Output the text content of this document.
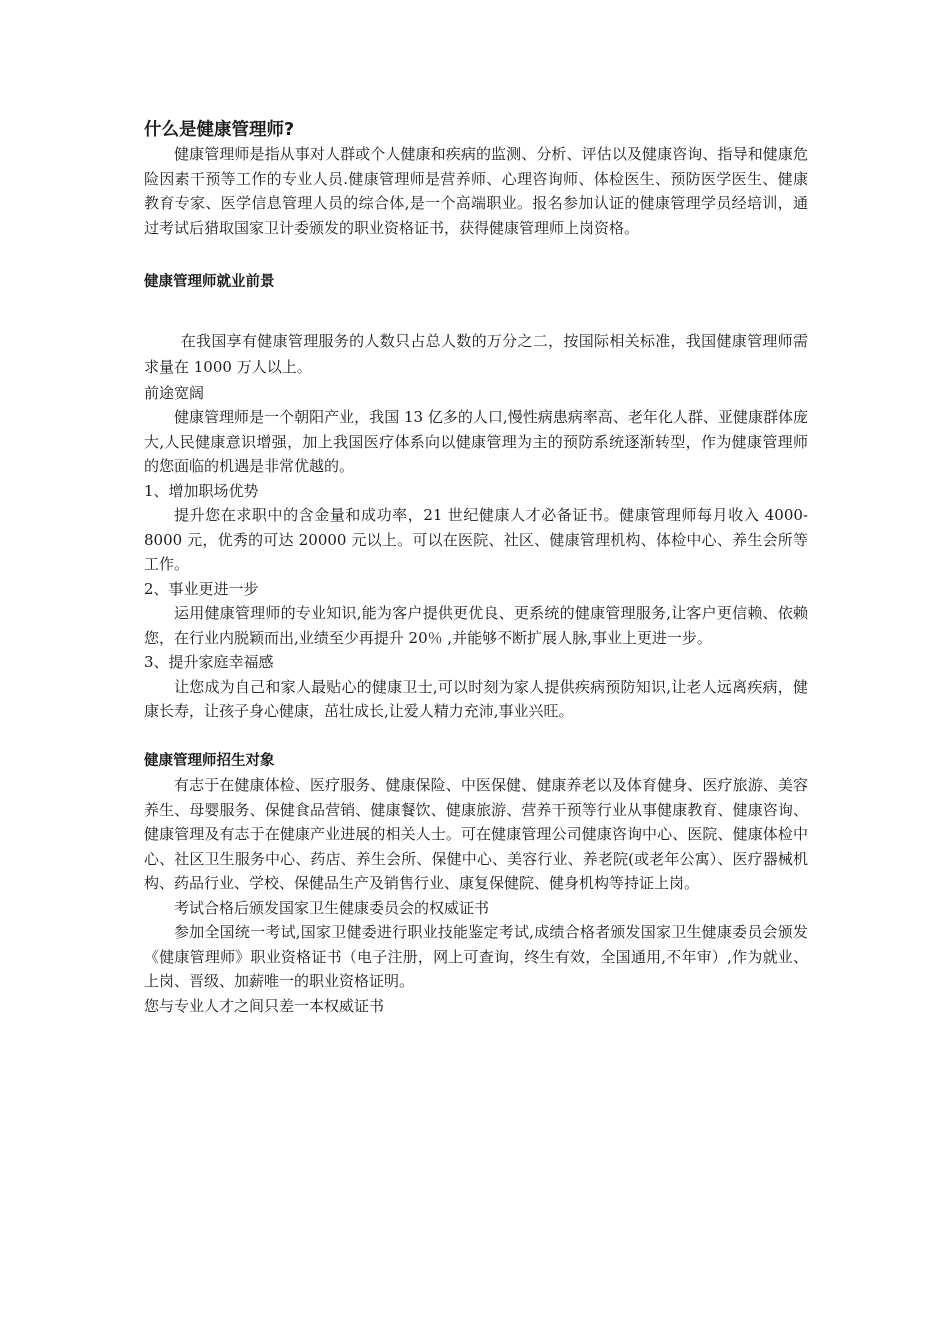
什么是健康管理师?

健康管理师是指从事对人群或个人健康和疾病的监测、分析、评估以及健康咨询、指导和健康危险因素干预等工作的专业人员.健康管理师是营养师、心理咨询师、体检医生、预防医学医生、健康教育专家、医学信息管理人员的综合体,是一个高端职业。报名参加认证的健康管理学员经培训，通过考试后猎取国家卫计委颁发的职业资格证书，获得健康管理师上岗资格。

健康管理师就业前景

在我国享有健康管理服务的人数只占总人数的万分之二，按国际相关标准，我国健康管理师需求量在 1000 万人以上。

前途宽阔

健康管理师是一个朝阳产业，我国 13 亿多的人口,慢性病患病率高、老年化人群、亚健康群体庞大,人民健康意识增强，加上我国医疗体系向以健康管理为主的预防系统逐渐转型，作为健康管理师的您面临的机遇是非常优越的。

1、增加职场优势

提升您在求职中的含金量和成功率，21 世纪健康人才必备证书。健康管理师每月收入 4000-8000 元，优秀的可达 20000 元以上。可以在医院、社区、健康管理机构、体检中心、养生会所等工作。

2、事业更进一步

运用健康管理师的专业知识,能为客户提供更优良、更系统的健康管理服务,让客户更信赖、依赖您，在行业内脱颖而出,业绩至少再提升 20％ ,并能够不断扩展人脉,事业上更进一步。

3、提升家庭幸福感

让您成为自己和家人最贴心的健康卫士,可以时刻为家人提供疾病预防知识,让老人远离疾病，健康长寿，让孩子身心健康，茁壮成长,让爱人精力充沛,事业兴旺。

健康管理师招生对象

有志于在健康体检、医疗服务、健康保险、中医保健、健康养老以及体育健身、医疗旅游、美容养生、母婴服务、保健食品营销、健康餐饮、健康旅游、营养干预等行业从事健康教育、健康咨询、健康管理及有志于在健康产业进展的相关人士。可在健康管理公司健康咨询中心、医院、健康体检中心、社区卫生服务中心、药店、养生会所、保健中心、美容行业、养老院(或老年公寓）、医疗器械机构、药品行业、学校、保健品生产及销售行业、康复保健院、健身机构等持证上岗。

考试合格后颁发国家卫生健康委员会的权威证书

参加全国统一考试,国家卫健委进行职业技能鉴定考试,成绩合格者颁发国家卫生健康委员会颁发《健康管理师》职业资格证书（电子注册，网上可查询，终生有效，全国通用,不年审）,作为就业、上岗、晋级、加薪唯一的职业资格证明。

您与专业人才之间只差一本权威证书
